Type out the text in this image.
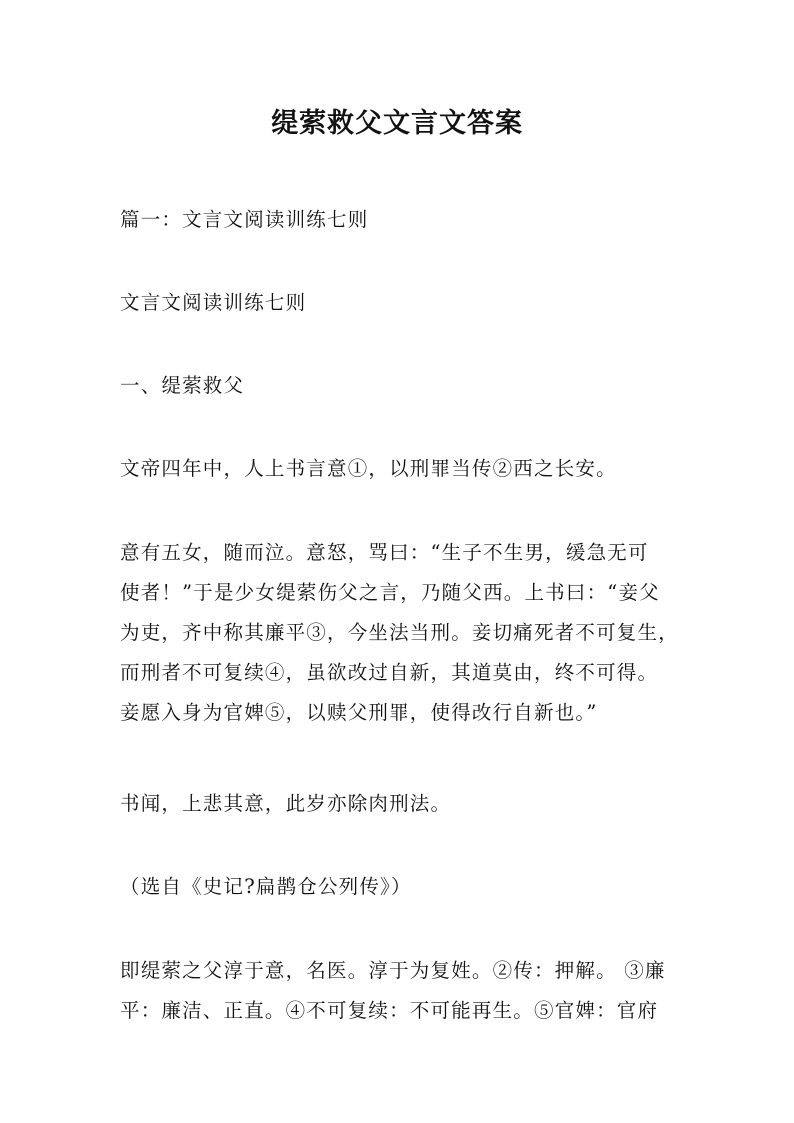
缇萦救父文言文答案

篇一：文言文阅读训练七则

文言文阅读训练七则

一、缇萦救父

文帝四年中，人上书言意①，以刑罪当传②西之长安。

意有五女，随而泣。意怒，骂曰：“生子不生男，缓急无可

使者！”于是少女缇萦伤父之言，乃随父西。上书曰：“妾父

为吏，齐中称其廉平③，今坐法当刑。妾切痛死者不可复生，

而刑者不可复续④，虽欲改过自新，其道莫由，终不可得。

妾愿入身为官婢⑤，以赎父刑罪，使得改行自新也。”

书闻，上悲其意，此岁亦除肉刑法。

（选自《史记?扁鹊仓公列传》）

即缇萦之父淳于意，名医。淳于为复姓。②传：押解。 ③廉

平：廉洁、正直。④不可复续：不可能再生。⑤官婢：官府
